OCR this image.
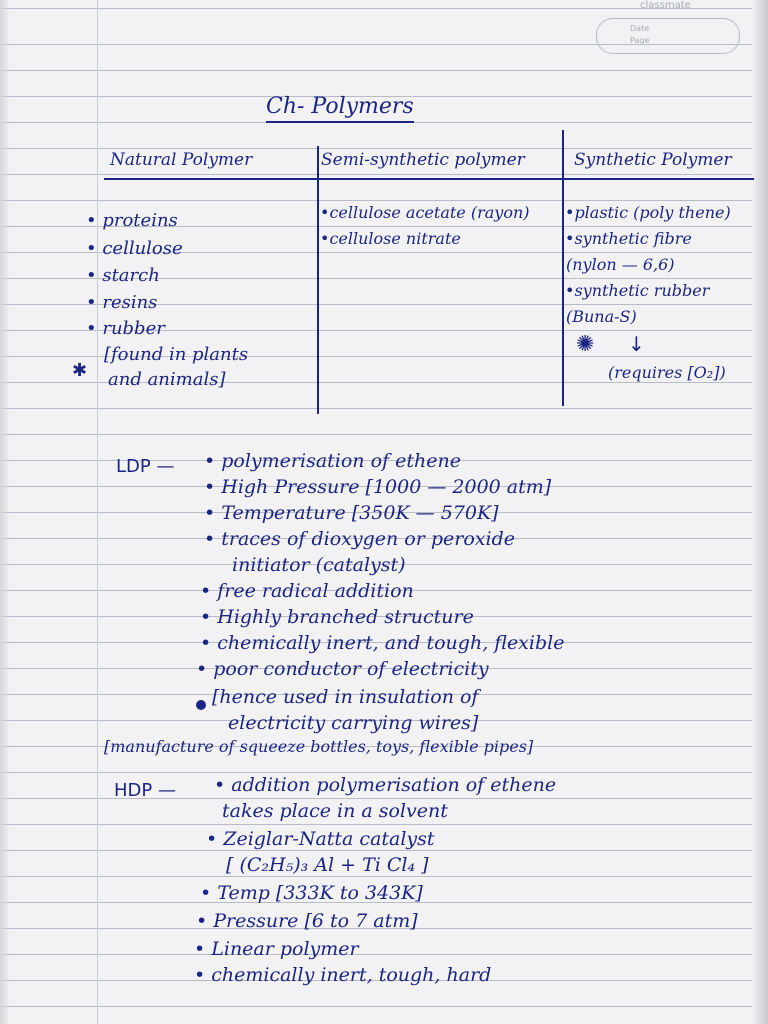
classmate
Date
Page
Ch- Polymers
Natural Polymer	Semi-synthetic polymer	Synthetic Polymer
• proteins
• cellulose
• starch
• resins
• rubber
[found in plants
and animals]
✱
•cellulose acetate (rayon)
•cellulose nitrate
•plastic (poly thene)
•synthetic fibre
(nylon — 6,6)
•synthetic rubber
(Buna-S)
✺ ↓
(requires [O₂])
LDP — • polymerisation of ethene
• High Pressure [1000 — 2000 atm]
• Temperature [350K — 570K]
• traces of dioxygen or peroxide
initiator (catalyst)
• free radical addition
• Highly branched structure
• chemically inert, and tough, flexible
• poor conductor of electricity
[hence used in insulation of
electricity carrying wires]
[manufacture of squeeze bottles, toys, flexible pipes]
HDP — • addition polymerisation of ethene
takes place in a solvent
• Zeiglar-Natta catalyst
[ (C₂H₅)₃ Al + Ti Cl₄ ]
• Temp [333K to 343K]
• Pressure [6 to 7 atm]
• Linear polymer
• chemically inert, tough, hard
